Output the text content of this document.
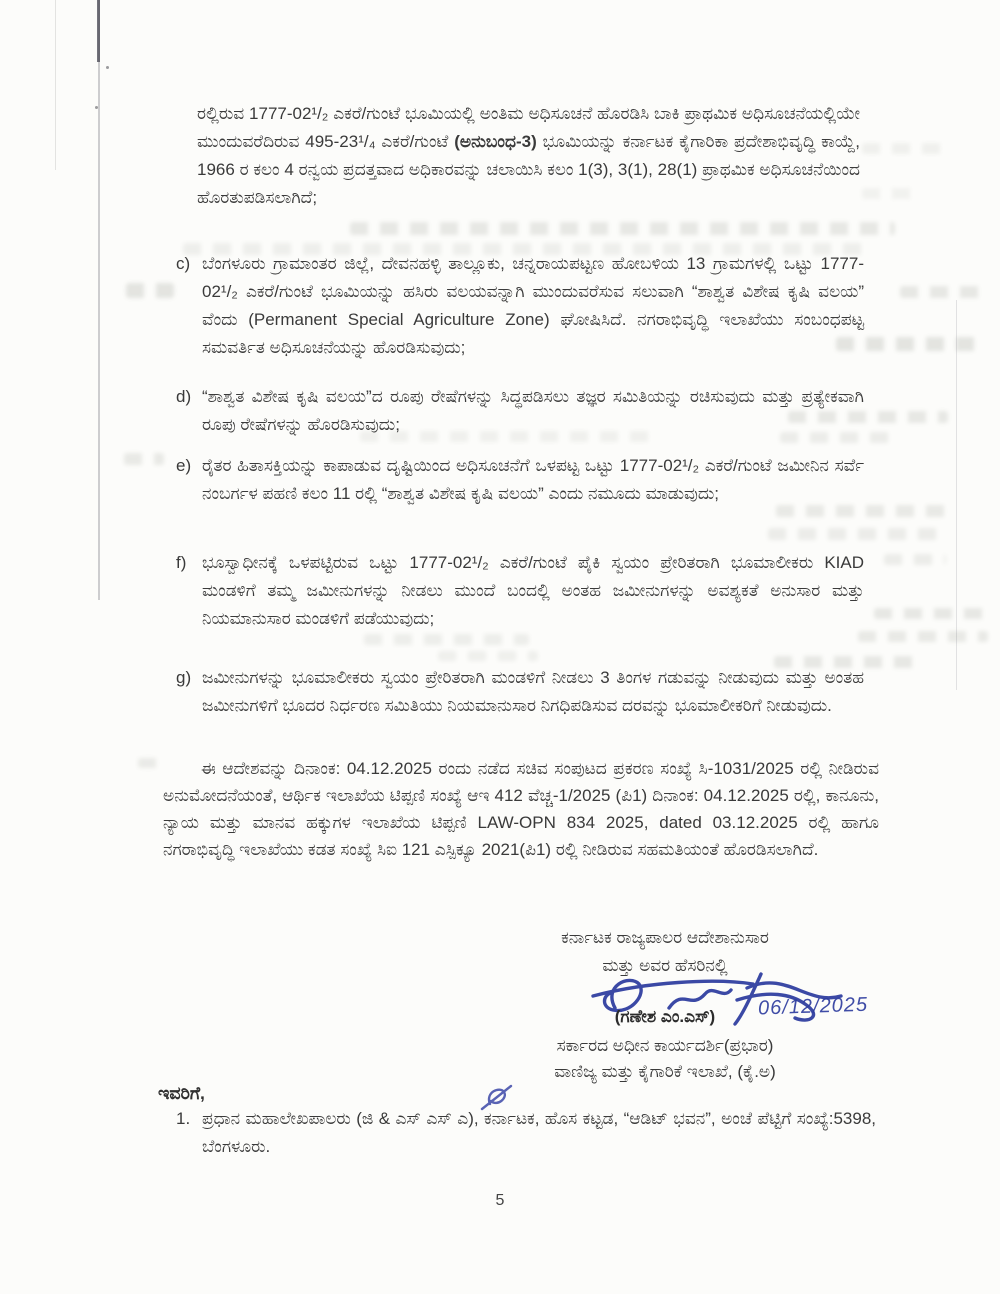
ರಲ್ಲಿರುವ 1777-02¹/₂ ಎಕರೆ/ಗುಂಟೆ ಭೂಮಿಯಲ್ಲಿ ಅಂತಿಮ ಅಧಿಸೂಚನೆ ಹೊರಡಿಸಿ ಬಾಕಿ ಪ್ರಾಥಮಿಕ ಅಧಿಸೂಚನೆಯಲ್ಲಿಯೇ ಮುಂದುವರೆದಿರುವ 495-23¹/₄ ಎಕರೆ/ಗುಂಟೆ (ಅನುಬಂಧ-3) ಭೂಮಿಯನ್ನು ಕರ್ನಾಟಕ ಕೈಗಾರಿಕಾ ಪ್ರದೇಶಾಭಿವೃದ್ಧಿ ಕಾಯ್ದೆ, 1966 ರ ಕಲಂ 4 ರನ್ವಯ ಪ್ರದತ್ತವಾದ ಅಧಿಕಾರವನ್ನು ಚಲಾಯಿಸಿ ಕಲಂ 1(3), 3(1), 28(1) ಪ್ರಾಥಮಿಕ ಅಧಿಸೂಚನೆಯಿಂದ ಹೊರತುಪಡಿಸಲಾಗಿದೆ;
c) ಬೆಂಗಳೂರು ಗ್ರಾಮಾಂತರ ಜಿಲ್ಲೆ, ದೇವನಹಳ್ಳಿ ತಾಲ್ಲೂಕು, ಚನ್ನರಾಯಪಟ್ಟಣ ಹೋಬಳಿಯ 13 ಗ್ರಾಮಗಳಲ್ಲಿ ಒಟ್ಟು 1777-02¹/₂ ಎಕರೆ/ಗುಂಟೆ ಭೂಮಿಯನ್ನು ಹಸಿರು ವಲಯವನ್ನಾಗಿ ಮುಂದುವರೆಸುವ ಸಲುವಾಗಿ “ಶಾಶ್ವತ ವಿಶೇಷ ಕೃಷಿ ವಲಯ” ವೆಂದು (Permanent Special Agriculture Zone) ಘೋಷಿಸಿದೆ. ನಗರಾಭಿವೃದ್ಧಿ ಇಲಾಖೆಯು ಸಂಬಂಧಪಟ್ಟ ಸಮವರ್ತಿತ ಅಧಿಸೂಚನೆಯನ್ನು ಹೊರಡಿಸುವುದು;
d) “ಶಾಶ್ವತ ವಿಶೇಷ ಕೃಷಿ ವಲಯ”ದ ರೂಪು ರೇಷೆಗಳನ್ನು ಸಿದ್ಧಪಡಿಸಲು ತಜ್ಞರ ಸಮಿತಿಯನ್ನು ರಚಿಸುವುದು ಮತ್ತು ಪ್ರತ್ಯೇಕವಾಗಿ ರೂಪು ರೇಷೆಗಳನ್ನು ಹೊರಡಿಸುವುದು;
e) ರೈತರ ಹಿತಾಸಕ್ತಿಯನ್ನು ಕಾಪಾಡುವ ದೃಷ್ಟಿಯಿಂದ ಅಧಿಸೂಚನೆಗೆ ಒಳಪಟ್ಟ ಒಟ್ಟು 1777-02¹/₂ ಎಕರೆ/ಗುಂಟೆ ಜಮೀನಿನ ಸರ್ವೆ ನಂಬರ್ಗಳ ಪಹಣಿ ಕಲಂ 11 ರಲ್ಲಿ “ಶಾಶ್ವತ ವಿಶೇಷ ಕೃಷಿ ವಲಯ” ಎಂದು ನಮೂದು ಮಾಡುವುದು;
f) ಭೂಸ್ವಾಧೀನಕ್ಕೆ ಒಳಪಟ್ಟಿರುವ ಒಟ್ಟು 1777-02¹/₂ ಎಕರೆ/ಗುಂಟೆ ಪೈಕಿ ಸ್ವಯಂ ಪ್ರೇರಿತರಾಗಿ ಭೂಮಾಲೀಕರು KIAD ಮಂಡಳಿಗೆ ತಮ್ಮ ಜಮೀನುಗಳನ್ನು ನೀಡಲು ಮುಂದೆ ಬಂದಲ್ಲಿ ಅಂತಹ ಜಮೀನುಗಳನ್ನು ಅವಶ್ಯಕತೆ ಅನುಸಾರ ಮತ್ತು ನಿಯಮಾನುಸಾರ ಮಂಡಳಿಗೆ ಪಡೆಯುವುದು;
g) ಜಮೀನುಗಳನ್ನು ಭೂಮಾಲೀಕರು ಸ್ವಯಂ ಪ್ರೇರಿತರಾಗಿ ಮಂಡಳಿಗೆ ನೀಡಲು 3 ತಿಂಗಳ ಗಡುವನ್ನು ನೀಡುವುದು ಮತ್ತು ಅಂತಹ ಜಮೀನುಗಳಿಗೆ ಭೂದರ ನಿರ್ಧರಣ ಸಮಿತಿಯು ನಿಯಮಾನುಸಾರ ನಿಗಧಿಪಡಿಸುವ ದರವನ್ನು ಭೂಮಾಲೀಕರಿಗೆ ನೀಡುವುದು.
ಈ ಆದೇಶವನ್ನು ದಿನಾಂಕ: 04.12.2025 ರಂದು ನಡೆದ ಸಚಿವ ಸಂಪುಟದ ಪ್ರಕರಣ ಸಂಖ್ಯೆ ಸಿ-1031/2025 ರಲ್ಲಿ ನೀಡಿರುವ ಅನುಮೋದನೆಯಂತೆ, ಆರ್ಥಿಕ ಇಲಾಖೆಯ ಟಿಪ್ಪಣಿ ಸಂಖ್ಯೆ ಆಇ 412 ವೆಚ್ಚ-1/2025 (ಪಿ1) ದಿನಾಂಕ: 04.12.2025 ರಲ್ಲಿ, ಕಾನೂನು, ನ್ಯಾಯ ಮತ್ತು ಮಾನವ ಹಕ್ಕುಗಳ ಇಲಾಖೆಯ ಟಿಪ್ಪಣಿ LAW-OPN 834 2025, dated 03.12.2025 ರಲ್ಲಿ ಹಾಗೂ ನಗರಾಭಿವೃದ್ಧಿ ಇಲಾಖೆಯು ಕಡತ ಸಂಖ್ಯೆ ಸಿಐ 121 ಎಸ್ಪಿಕ್ಯೂ 2021(ಪಿ1) ರಲ್ಲಿ ನೀಡಿರುವ ಸಹಮತಿಯಂತೆ ಹೊರಡಿಸಲಾಗಿದೆ.
ಕರ್ನಾಟಕ ರಾಜ್ಯಪಾಲರ ಆದೇಶಾನುಸಾರ
ಮತ್ತು ಅವರ ಹೆಸರಿನಲ್ಲಿ
06/12/2025
(ಗಣೇಶ ಎಂ.ಎಸ್)
ಸರ್ಕಾರದ ಅಧೀನ ಕಾರ್ಯದರ್ಶಿ(ಪ್ರಭಾರ)
ವಾಣಿಜ್ಯ ಮತ್ತು ಕೈಗಾರಿಕೆ ಇಲಾಖೆ, (ಕೈ.ಅ)
ಇವರಿಗೆ,
1. ಪ್ರಧಾನ ಮಹಾಲೇಖಪಾಲರು (ಜಿ & ಎಸ್ ಎಸ್ ಎ), ಕರ್ನಾಟಕ, ಹೊಸ ಕಟ್ಟಡ, “ಆಡಿಟ್ ಭವನ”, ಅಂಚೆ ಪೆಟ್ಟಿಗೆ ಸಂಖ್ಯೆ:5398, ಬೆಂಗಳೂರು.
5
